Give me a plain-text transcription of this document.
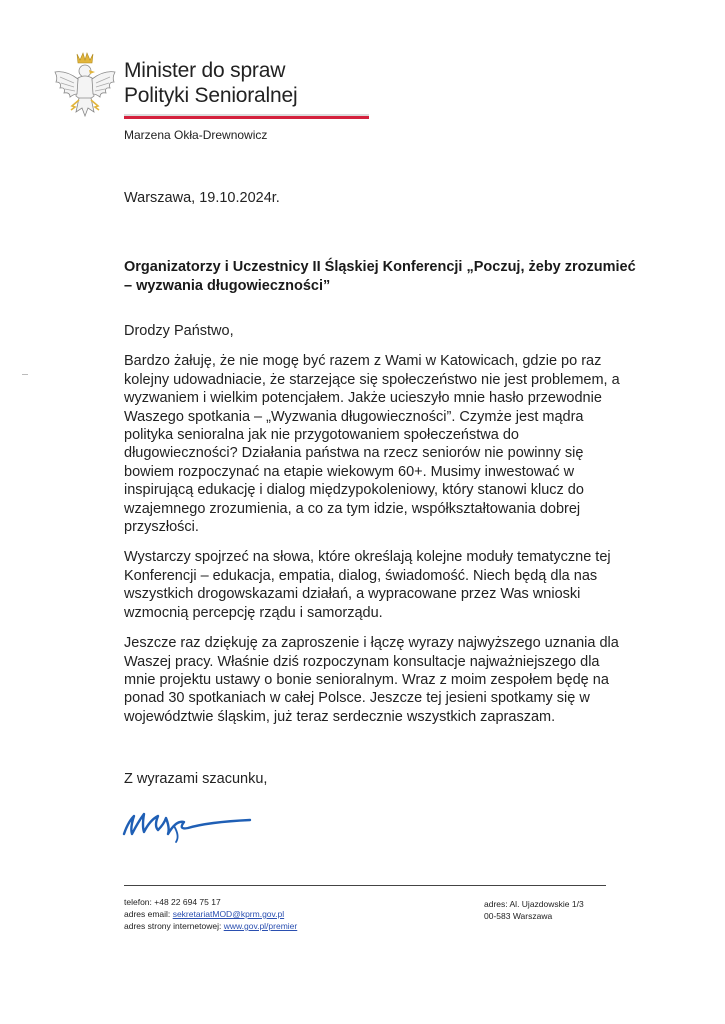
Minister do spraw
Polityki Senioralnej
Marzena Okła-Drewnowicz
Warszawa, 19.10.2024r.
Organizatorzy i Uczestnicy II Śląskiej Konferencji „Poczuj, żeby zrozumieć – wyzwania długowieczności”

Drodzy Państwo,

Bardzo żałuję, że nie mogę być razem z Wami w Katowicach, gdzie po raz kolejny udowadniacie, że starzejące się społeczeństwo nie jest problemem, a wyzwaniem i wielkim potencjałem. Jakże ucieszyło mnie hasło przewodnie Waszego spotkania – „Wyzwania długowieczności”. Czymże jest mądra polityka senioralna jak nie przygotowaniem społeczeństwa do długowieczności? Działania państwa na rzecz seniorów nie powinny się bowiem rozpoczynać na etapie wiekowym 60+. Musimy inwestować w inspirującą edukację i dialog międzypokoleniowy, który stanowi klucz do wzajemnego zrozumienia, a co za tym idzie, współkształtowania dobrej przyszłości.

Wystarczy spojrzeć na słowa, które określają kolejne moduły tematyczne tej Konferencji – edukacja, empatia, dialog, świadomość. Niech będą dla nas wszystkich drogowskazami działań, a wypracowane przez Was wnioski wzmocnią percepcję rządu i samorządu.

Jeszcze raz dziękuję za zaproszenie i łączę wyrazy najwyższego uznania dla Waszej pracy. Właśnie dziś rozpoczynam konsultacje najważniejszego dla mnie projektu ustawy o bonie senioralnym. Wraz z moim zespołem będę na ponad 30 spotkaniach w całej Polsce. Jeszcze tej jesieni spotkamy się w województwie śląskim, już teraz serdecznie wszystkich zapraszam.

Z wyrazami szacunku,
telefon: +48 22 694 75 17
adres email: sekretariatMOD@kprm.gov.pl
adres strony internetowej: www.gov.pl/premier
adres: Al. Ujazdowskie 1/3
00-583 Warszawa
